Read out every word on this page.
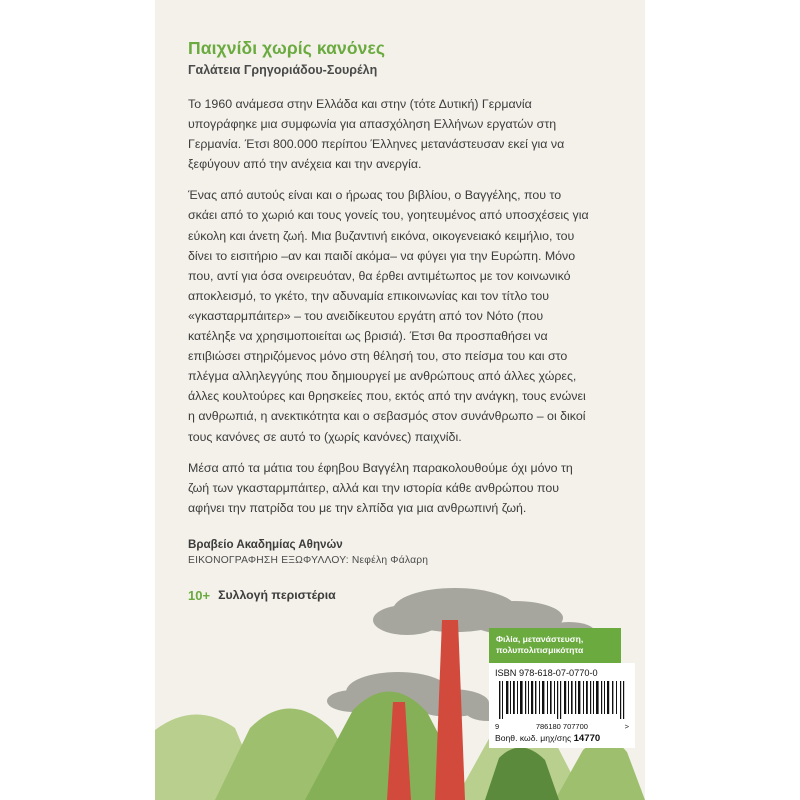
Παιχνίδι χωρίς κανόνες
Γαλάτεια Γρηγοριάδου-Σουρέλη

Το 1960 ανάμεσα στην Ελλάδα και στην (τότε Δυτική) Γερμανία υπογράφηκε μια συμφωνία για απασχόληση Ελλήνων εργατών στη Γερμανία. Έτσι 800.000 περίπου Έλληνες μετανάστευσαν εκεί για να ξεφύγουν από την ανέχεια και την ανεργία.

Ένας από αυτούς είναι και ο ήρωας του βιβλίου, ο Βαγγέλης, που το σκάει από το χωριό και τους γονείς του, γοητευμένος από υποσχέσεις για εύκολη και άνετη ζωή. Μια βυζαντινή εικόνα, οικογενειακό κειμήλιο, του δίνει το εισιτήριο –αν και παιδί ακόμα– να φύγει για την Ευρώπη. Μόνο που, αντί για όσα ονειρευόταν, θα έρθει αντιμέτωπος με τον κοινωνικό αποκλεισμό, το γκέτο, την αδυναμία επικοινωνίας και τον τίτλο του «γκασταρμπάιτερ» – του ανειδίκευτου εργάτη από τον Νότο (που κατέληξε να χρησιμοποιείται ως βρισιά). Έτσι θα προσπαθήσει να επιβιώσει στηριζόμενος μόνο στη θέλησή του, στο πείσμα του και στο πλέγμα αλληλεγγύης που δημιουργεί με ανθρώπους από άλλες χώρες, άλλες κουλτούρες και θρησκείες που, εκτός από την ανάγκη, τους ενώνει η ανθρωπιά, η ανεκτικότητα και ο σεβασμός στον συνάνθρωπο – οι δικοί τους κανόνες σε αυτό το (χωρίς κανόνες) παιχνίδι.

Μέσα από τα μάτια του έφηβου Βαγγέλη παρακολουθούμε όχι μόνο τη ζωή των γκασταρμπάιτερ, αλλά και την ιστορία κάθε ανθρώπου που αφήνει την πατρίδα του με την ελπίδα για μια ανθρωπινή ζωή.

Βραβείο Ακαδημίας Αθηνών
ΕΙΚΟΝΟΓΡΑΦΗΣΗ ΕΞΩΦΥΛΛΟΥ: Νεφέλη Φάλαρη
10+ Συλλογή περιστέρια
Φιλία, μετανάστευση, πολυπολιτισμικότητα
ISBN 978-618-07-0770-0
9	786180 707700	>
Βοηθ. κωδ. μηχ/σης 14770
